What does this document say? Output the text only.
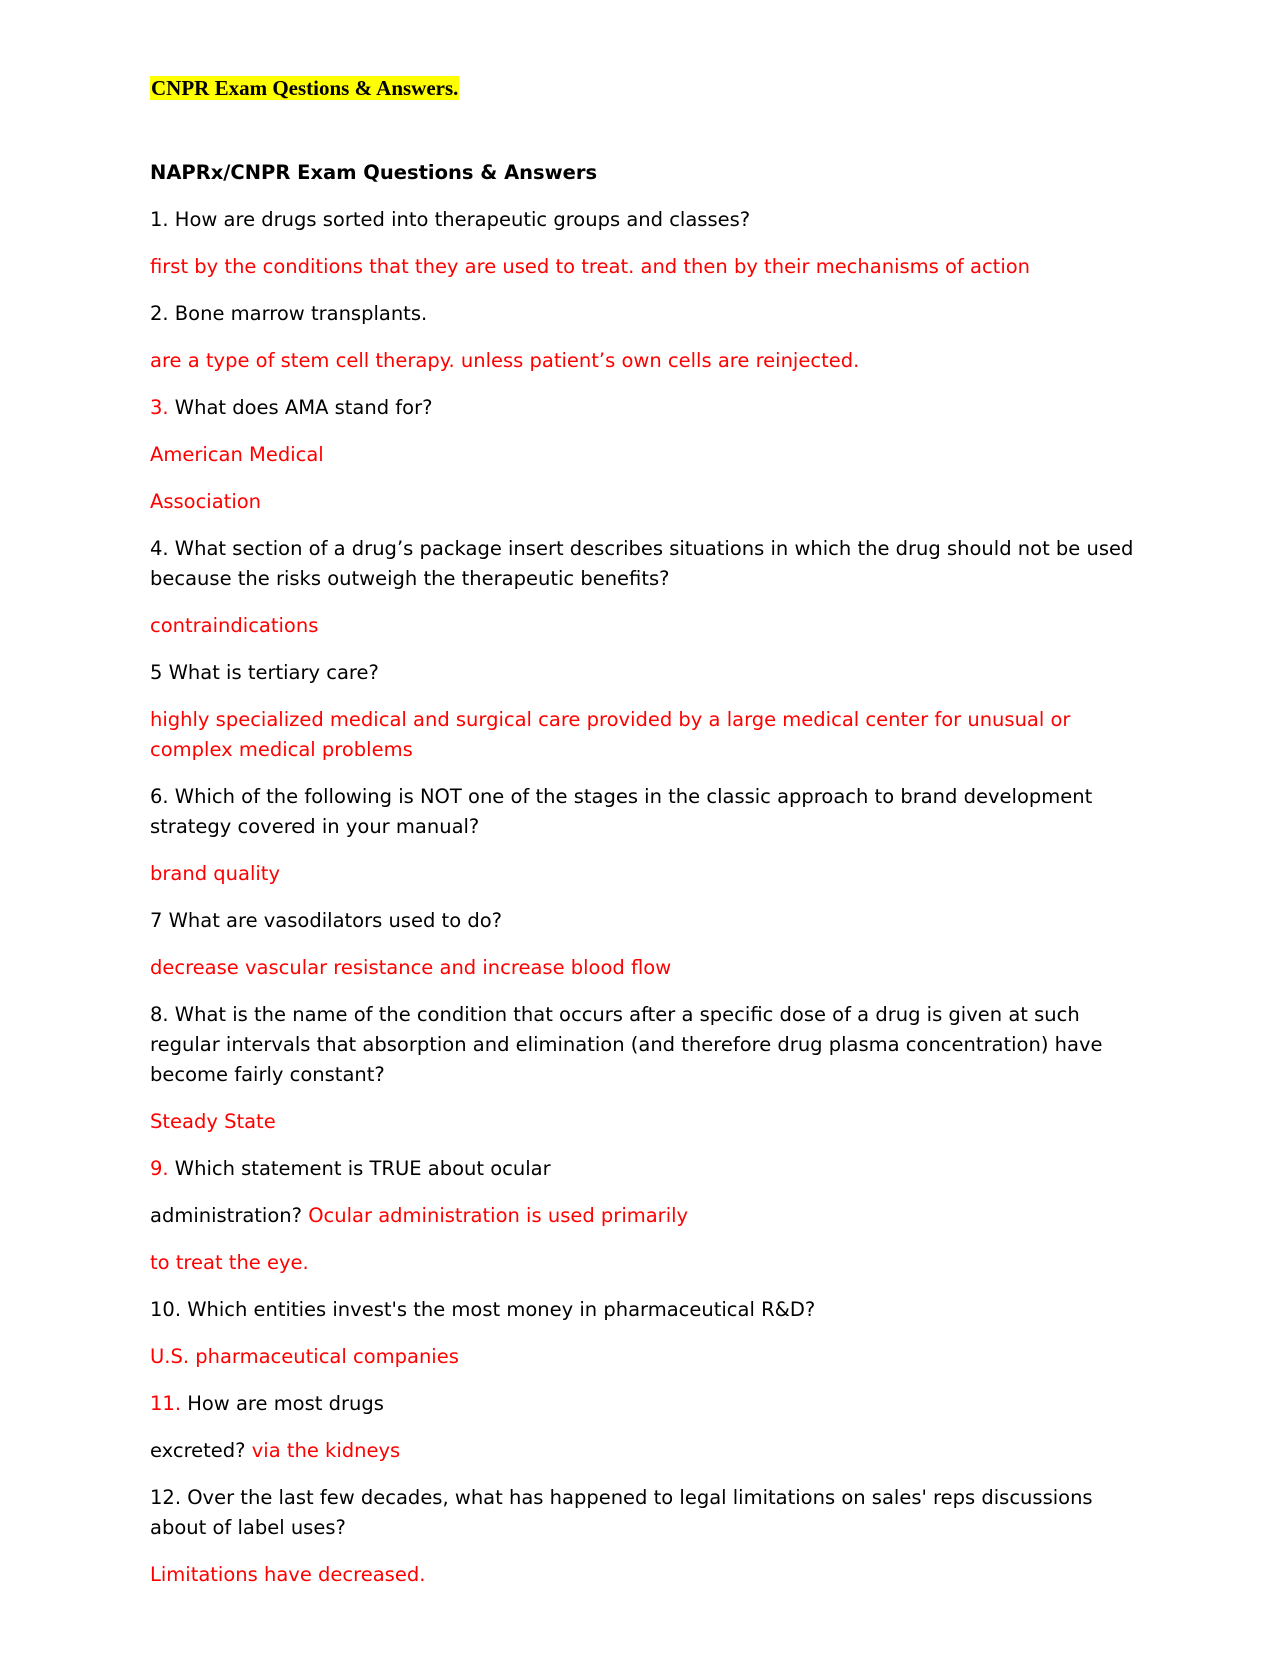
CNPR Exam Qestions & Answers.
NAPRx/CNPR Exam Questions & Answers
1. How are drugs sorted into therapeutic groups and classes?
first by the conditions that they are used to treat. and then by their mechanisms of action
2. Bone marrow transplants.
are a type of stem cell therapy. unless patient’s own cells are reinjected.
3. What does AMA stand for?
American Medical
Association
4. What section of a drug’s package insert describes situations in which the drug should not be used because the risks outweigh the therapeutic benefits?
contraindications
5 What is tertiary care?
highly specialized medical and surgical care provided by a large medical center for unusual or complex medical problems
6. Which of the following is NOT one of the stages in the classic approach to brand development strategy covered in your manual?
brand quality
7 What are vasodilators used to do?
decrease vascular resistance and increase blood flow
8. What is the name of the condition that occurs after a specific dose of a drug is given at such regular intervals that absorption and elimination (and therefore drug plasma concentration) have become fairly constant?
Steady State
9. Which statement is TRUE about ocular
administration? Ocular administration is used primarily
to treat the eye.
10. Which entities invest's the most money in pharmaceutical R&D?
U.S. pharmaceutical companies
11. How are most drugs
excreted? via the kidneys
12. Over the last few decades, what has happened to legal limitations on sales' reps discussions about of label uses?
Limitations have decreased.
